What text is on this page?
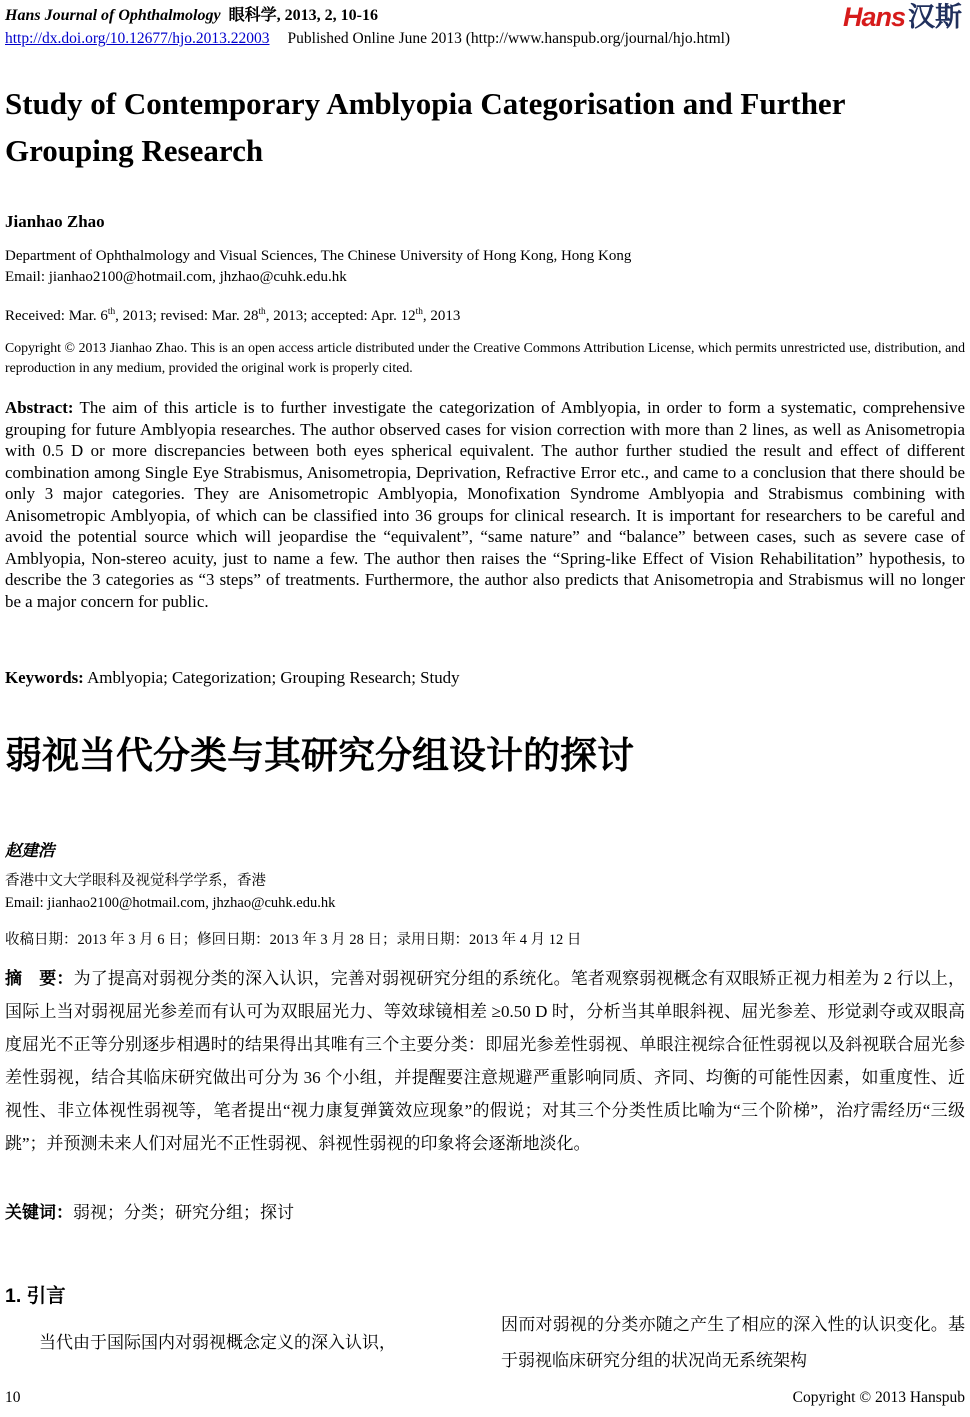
Hans Journal of Ophthalmology 眼科学, 2013, 2, 10-16
http://dx.doi.org/10.12677/hjo.2013.22003 Published Online June 2013 (http://www.hanspub.org/journal/hjo.html)
Hans 汉斯
Study of Contemporary Amblyopia Categorisation and Further Grouping Research
Jianhao Zhao
Department of Ophthalmology and Visual Sciences, The Chinese University of Hong Kong, Hong Kong
Email: jianhao2100@hotmail.com, jhzhao@cuhk.edu.hk
Received: Mar. 6th, 2013; revised: Mar. 28th, 2013; accepted: Apr. 12th, 2013
Copyright © 2013 Jianhao Zhao. This is an open access article distributed under the Creative Commons Attribution License, which permits unrestricted use, distribution, and reproduction in any medium, provided the original work is properly cited.
Abstract: The aim of this article is to further investigate the categorization of Amblyopia, in order to form a systematic, comprehensive grouping for future Amblyopia researches. The author observed cases for vision correction with more than 2 lines, as well as Anisometropia with 0.5 D or more discrepancies between both eyes spherical equivalent. The author further studied the result and effect of different combination among Single Eye Strabismus, Anisometropia, Deprivation, Refractive Error etc., and came to a conclusion that there should be only 3 major categories. They are Anisometropic Amblyopia, Monofixation Syndrome Amblyopia and Strabismus combining with Anisometropic Amblyopia, of which can be classified into 36 groups for clinical research. It is important for researchers to be careful and avoid the potential source which will jeopardise the “equivalent”, “same nature” and “balance” between cases, such as severe case of Amblyopia, Non-stereo acuity, just to name a few. The author then raises the “Spring-like Effect of Vision Rehabilitation” hypothesis, to describe the 3 categories as “3 steps” of treatments. Furthermore, the author also predicts that Anisometropia and Strabismus will no longer be a major concern for public.
Keywords: Amblyopia; Categorization; Grouping Research; Study
弱视当代分类与其研究分组设计的探讨
赵建浩
香港中文大学眼科及视觉科学学系，香港
Email: jianhao2100@hotmail.com, jhzhao@cuhk.edu.hk
收稿日期：2013 年 3 月 6 日；修回日期：2013 年 3 月 28 日；录用日期：2013 年 4 月 12 日
摘　要：为了提高对弱视分类的深入认识，完善对弱视研究分组的系统化。笔者观察弱视概念有双眼矫正视力相差为 2 行以上，国际上当对弱视屈光参差而有认可为双眼屈光力、等效球镜相差 ≥0.50 D 时，分析当其单眼斜视、屈光参差、形觉剥夺或双眼高度屈光不正等分别逐步相遇时的结果得出其唯有三个主要分类：即屈光参差性弱视、单眼注视综合征性弱视以及斜视联合屈光参差性弱视，结合其临床研究做出可分为 36 个小组，并提醒要注意规避严重影响同质、齐同、均衡的可能性因素，如重度性、近视性、非立体视性弱视等，笔者提出“视力康复弹簧效应现象”的假说；对其三个分类性质比喻为“三个阶梯”，治疗需经历“三级跳”；并预测未来人们对屈光不正性弱视、斜视性弱视的印象将会逐渐地淡化。
关键词：弱视；分类；研究分组；探讨
1. 引言

当代由于国际国内对弱视概念定义的深入认识，

因而对弱视的分类亦随之产生了相应的深入性的认识变化。基于弱视临床研究分组的状况尚无系统架构

10	Copyright © 2013 Hanspub
